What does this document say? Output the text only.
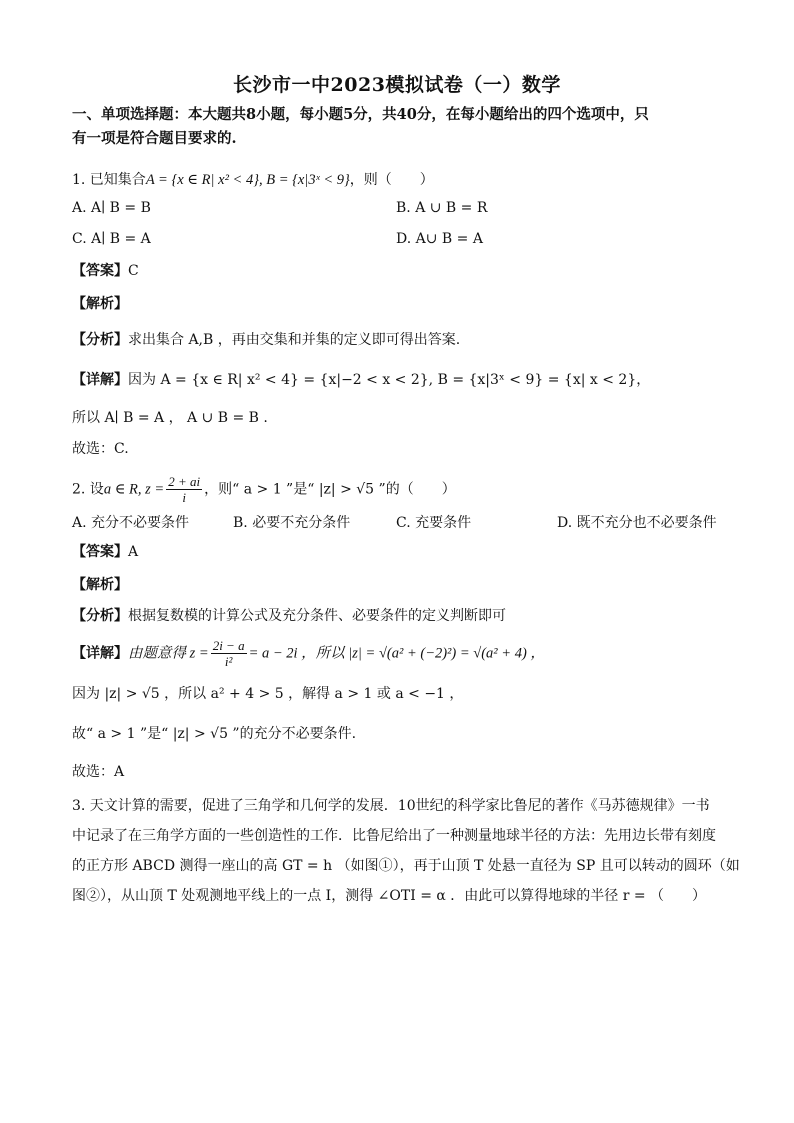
长沙市一中2023模拟试卷（一）数学
一、单项选择题：本大题共8小题，每小题5分，共40分，在每小题给出的四个选项中，只
有一项是符合题目要求的.
1. 已知集合A = {x ∈ R| x² < 4}, B = {x|3ˣ < 9}，则（　　）
A. A∣ B = B	B. A ∪ B = R
C. A∣ B = A	D. A∪ B = A
【答案】C
【解析】
【分析】求出集合 A,B ，再由交集和并集的定义即可得出答案.
【详解】因为 A = {x ∈ R| x² < 4} = {x|−2 < x < 2}, B = {x|3ˣ < 9} = {x| x < 2}，
所以 A∣ B = A ， A ∪ B = B .
故选：C.
2. 设a ∈ R, $z = \frac{2 + ai}{i}$ ，则“ a > 1 ”是“ |z| > √5 ”的（　　）
A. 充分不必要条件	B. 必要不充分条件	C. 充要条件	D. 既不充分也不必要条件
【答案】A
【解析】
【分析】根据复数模的计算公式及充分条件、必要条件的定义判断即可
【详解】由题意得 $z = \frac{2i - a}{\text{i²}} = a - 2i$ ，所以 |z| = √(a² + (−2)²) = √(a² + 4) ，
因为 |z| > √5 ，所以 a² + 4 > 5 ，解得 a > 1 或 a < −1 ，
故“ a > 1 ”是“ |z| > √5 ”的充分不必要条件.
故选：A
3. 天文计算的需要，促进了三角学和几何学的发展．10世纪的科学家比鲁尼的著作《马苏德规律》一书
中记录了在三角学方面的一些创造性的工作．比鲁尼给出了一种测量地球半径的方法：先用边长带有刻度
的正方形 ABCD 测得一座山的高 GT = h （如图①），再于山顶 T 处悬一直径为 SP 且可以转动的圆环（如
图②），从山顶 T 处观测地平线上的一点 I，测得 ∠OTI = α ．由此可以算得地球的半径 r = （　　）
